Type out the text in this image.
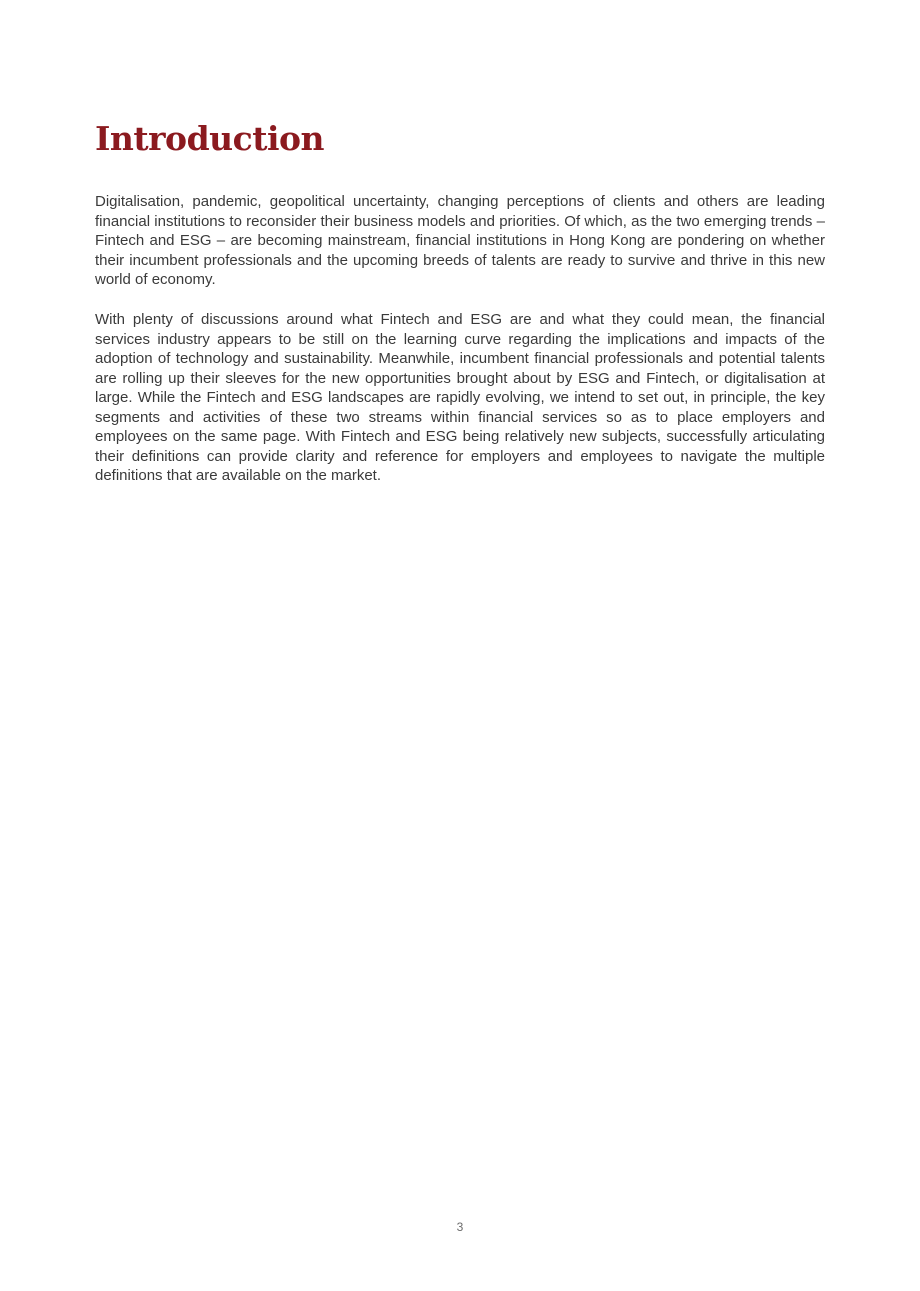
Introduction

Digitalisation, pandemic, geopolitical uncertainty, changing perceptions of clients and others are leading financial institutions to reconsider their business models and priorities. Of which, as the two emerging trends – Fintech and ESG – are becoming mainstream, financial institutions in Hong Kong are pondering on whether their incumbent professionals and the upcoming breeds of talents are ready to survive and thrive in this new world of economy.

With plenty of discussions around what Fintech and ESG are and what they could mean, the financial services industry appears to be still on the learning curve regarding the implications and impacts of the adoption of technology and sustainability. Meanwhile, incumbent financial professionals and potential talents are rolling up their sleeves for the new opportunities brought about by ESG and Fintech, or digitalisation at large. While the Fintech and ESG landscapes are rapidly evolving, we intend to set out, in principle, the key segments and activities of these two streams within financial services so as to place employers and employees on the same page. With Fintech and ESG being relatively new subjects, successfully articulating their definitions can provide clarity and reference for employers and employees to navigate the multiple definitions that are available on the market.

3
